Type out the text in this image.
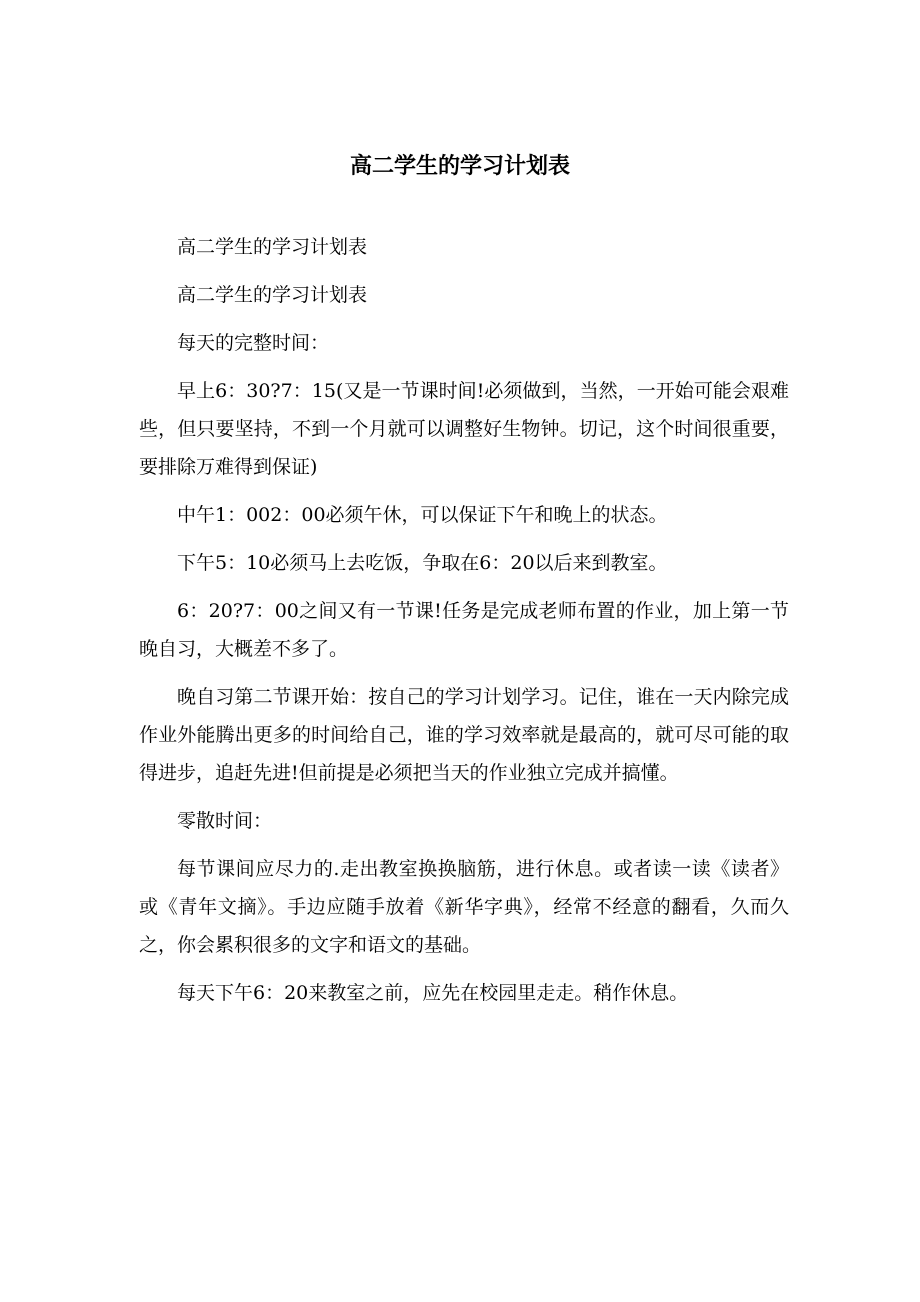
高二学生的学习计划表

高二学生的学习计划表

高二学生的学习计划表

每天的完整时间：

早上6：30?7：15(又是一节课时间!必须做到，当然，一开始可能会艰难些，但只要坚持，不到一个月就可以调整好生物钟。切记，这个时间很重要，要排除万难得到保证)

中午1：002：00必须午休，可以保证下午和晚上的状态。

下午5：10必须马上去吃饭，争取在6：20以后来到教室。

6：20?7：00之间又有一节课!任务是完成老师布置的作业，加上第一节晚自习，大概差不多了。

晚自习第二节课开始：按自己的学习计划学习。记住，谁在一天内除完成作业外能腾出更多的时间给自己，谁的学习效率就是最高的，就可尽可能的取得进步，追赶先进!但前提是必须把当天的作业独立完成并搞懂。

零散时间：

每节课间应尽力的.走出教室换换脑筋，进行休息。或者读一读《读者》或《青年文摘》。手边应随手放着《新华字典》，经常不经意的翻看，久而久之，你会累积很多的文字和语文的基础。

每天下午6：20来教室之前，应先在校园里走走。稍作休息。
